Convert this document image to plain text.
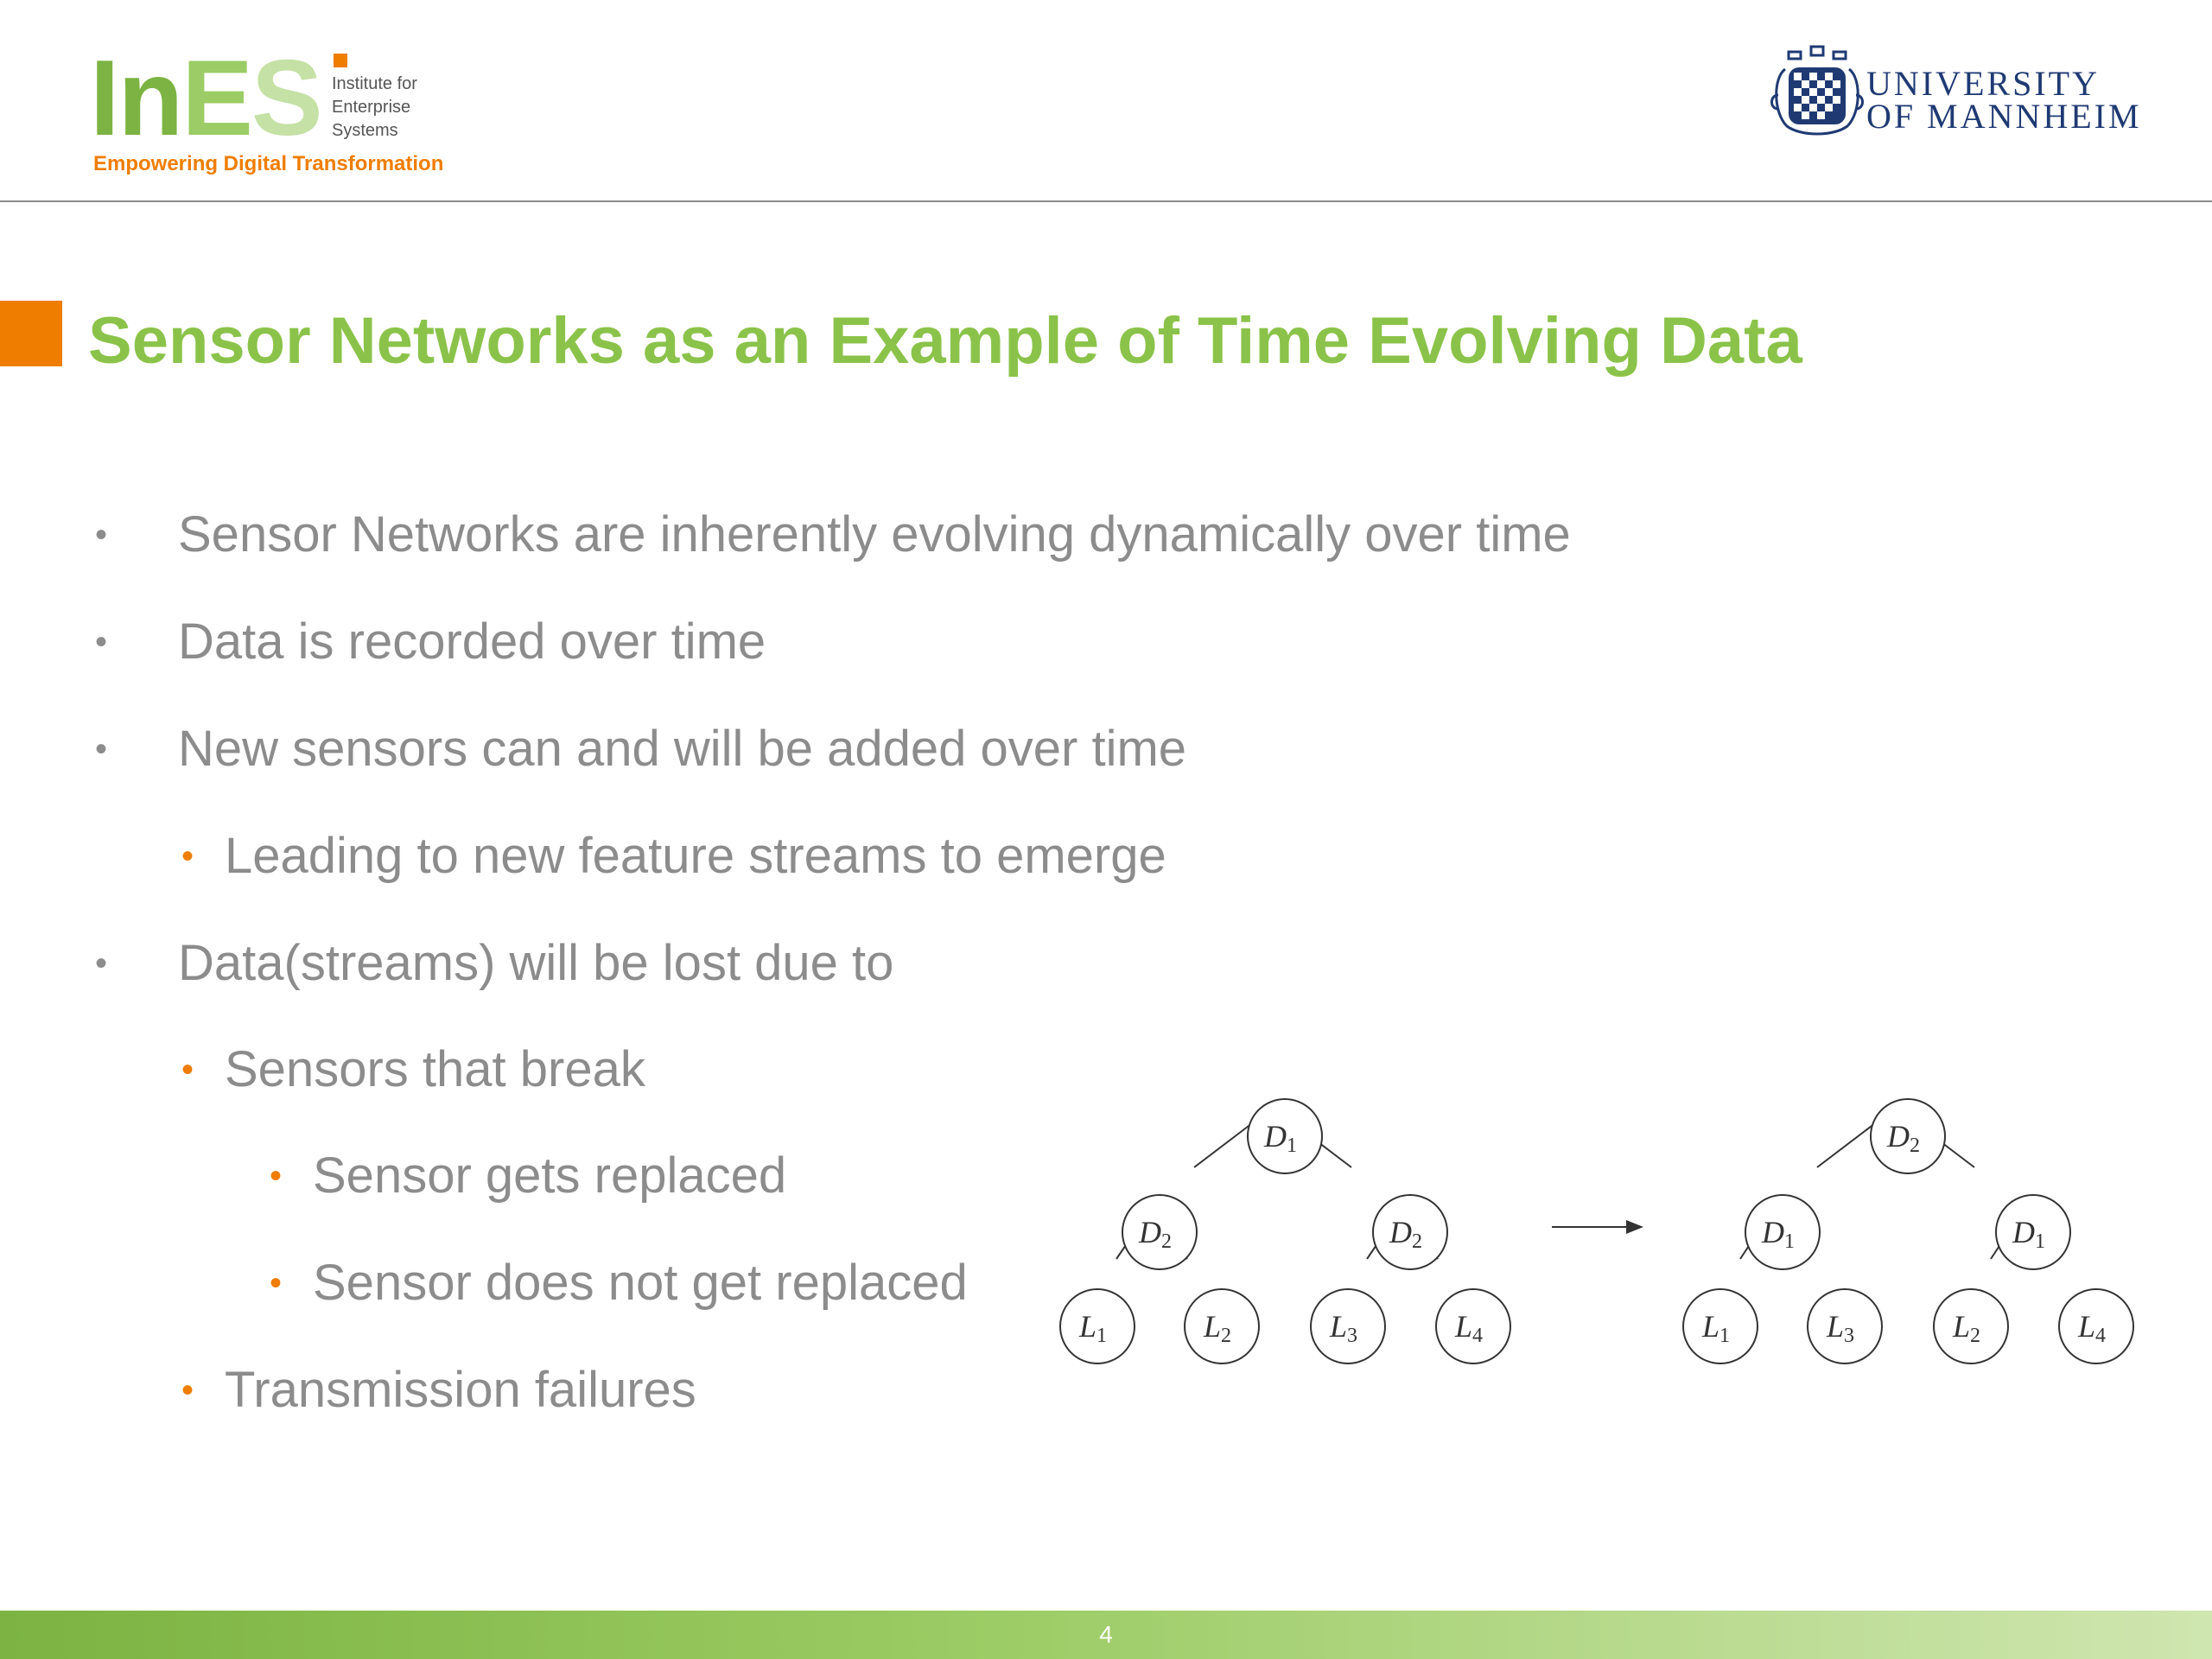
InES Institute for
Enterprise
Systems
Empowering Digital Transformation
UNIVERSITY
OF MANNHEIM
Sensor Networks as an Example of Time Evolving Data
• Sensor Networks are inherently evolving dynamically over time
• Data is recorded over time
• New sensors can and will be added over time
• Leading to new feature streams to emerge
• Data(streams) will be lost due to
• Sensors that break
• Sensor gets replaced
• Sensor does not get replaced
• Transmission failures
D1
D2	D2
L1	L2	L3	L4
D2
D1	D1
L1	L3	L2	L4
4
